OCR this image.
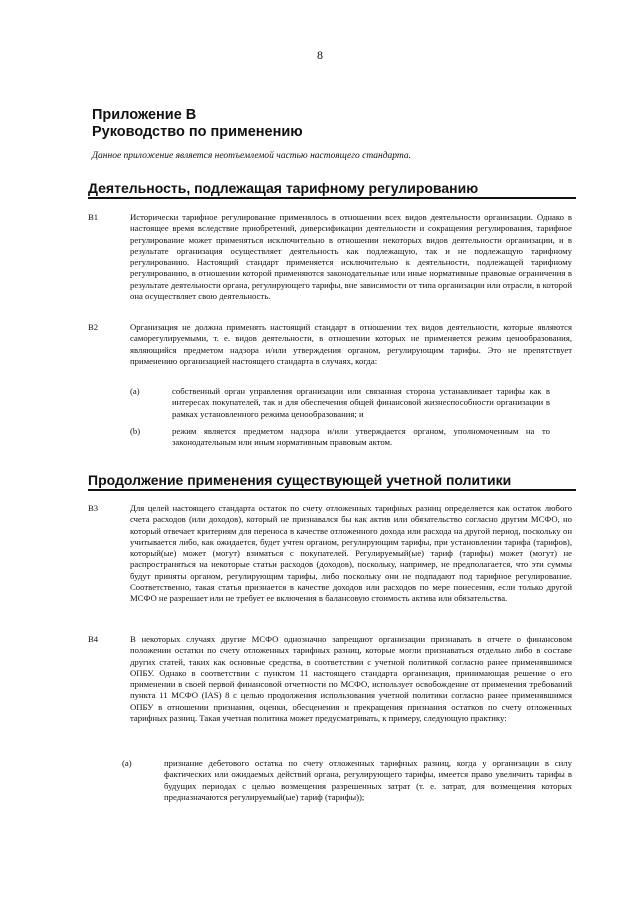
8
Приложение В
Руководство по применению
Данное приложение является неотъемлемой частью настоящего стандарта.
Деятельность, подлежащая тарифному регулированию
B1	Исторически тарифное регулирование применялось в отношении всех видов деятельности организации. Однако в настоящее время вследствие приобретений, диверсификации деятельности и сокращения регулирования, тарифное регулирование может применяться исключительно в отношении некоторых видов деятельности организации, и в результате организация осуществляет деятельность как подлежащую, так и не подлежащую тарифному регулированию. Настоящий стандарт применяется исключительно к деятельности, подлежащей тарифному регулированию, в отношении которой применяются законодательные или иные нормативные правовые ограничения в результате деятельности органа, регулирующего тарифы, вне зависимости от типа организации или отрасли, в которой она осуществляет свою деятельность.
B2	Организация не должна применять настоящий стандарт в отношении тех видов деятельности, которые являются саморегулируемыми, т. е. видов деятельности, в отношении которых не применяется режим ценообразования, являющийся предметом надзора и/или утверждения органом, регулирующим тарифы. Это не препятствует применению организацией настоящего стандарта в случаях, когда:
(a)	собственный орган управления организации или связанная сторона устанавливает тарифы как в интересах покупателей, так и для обеспечения общей финансовой жизнеспособности организации в рамках установленного режима ценообразования; и
(b)	режим является предметом надзора и/или утверждается органом, уполномоченным на то законодательным или иным нормативным правовым актом.
Продолжение применения существующей учетной политики
B3	Для целей настоящего стандарта остаток по счету отложенных тарифных разниц определяется как остаток любого счета расходов (или доходов), который не признавался бы как актив или обязательство согласно другим МСФО, но который отвечает критериям для переноса в качестве отложенного дохода или расхода на другой период, поскольку он учитывается либо, как ожидается, будет учтен органом, регулирующим тарифы, при установлении тарифа (тарифов), который(ые) может (могут) взиматься с покупателей. Регулируемый(ые) тариф (тарифы) может (могут) не распространяться на некоторые статьи расходов (доходов), поскольку, например, не предполагается, что эти суммы будут приняты органом, регулирующим тарифы, либо поскольку они не подпадают под тарифное регулирование. Соответственно, такая статья признается в качестве доходов или расходов по мере понесения, если только другой МСФО не разрешает или не требует ее включения в балансовую стоимость актива или обязательства.
B4	В некоторых случаях другие МСФО однозначно запрещают организации признавать в отчете о финансовом положении остатки по счету отложенных тарифных разниц, которые могли признаваться отдельно либо в составе других статей, таких как основные средства, в соответствии с учетной политикой согласно ранее применявшимся ОПБУ. Однако в соответствии с пунктом 11 настоящего стандарта организация, принимающая решение о его применении в своей первой финансовой отчетности по МСФО, использует освобождение от применения требований пункта 11 МСФО (IAS) 8 с целью продолжения использования учетной политики согласно ранее применявшимся ОПБУ в отношении признания, оценки, обесценения и прекращения признания остатков по счету отложенных тарифных разниц. Такая учетная политика может предусматривать, к примеру, следующую практику:
(a)	признание дебетового остатка по счету отложенных тарифных разниц, когда у организации в силу фактических или ожидаемых действий органа, регулирующего тарифы, имеется право увеличить тарифы в будущих периодах с целью возмещения разрешенных затрат (т. е. затрат, для возмещения которых предназначаются регулируемый(ые) тариф (тарифы));
